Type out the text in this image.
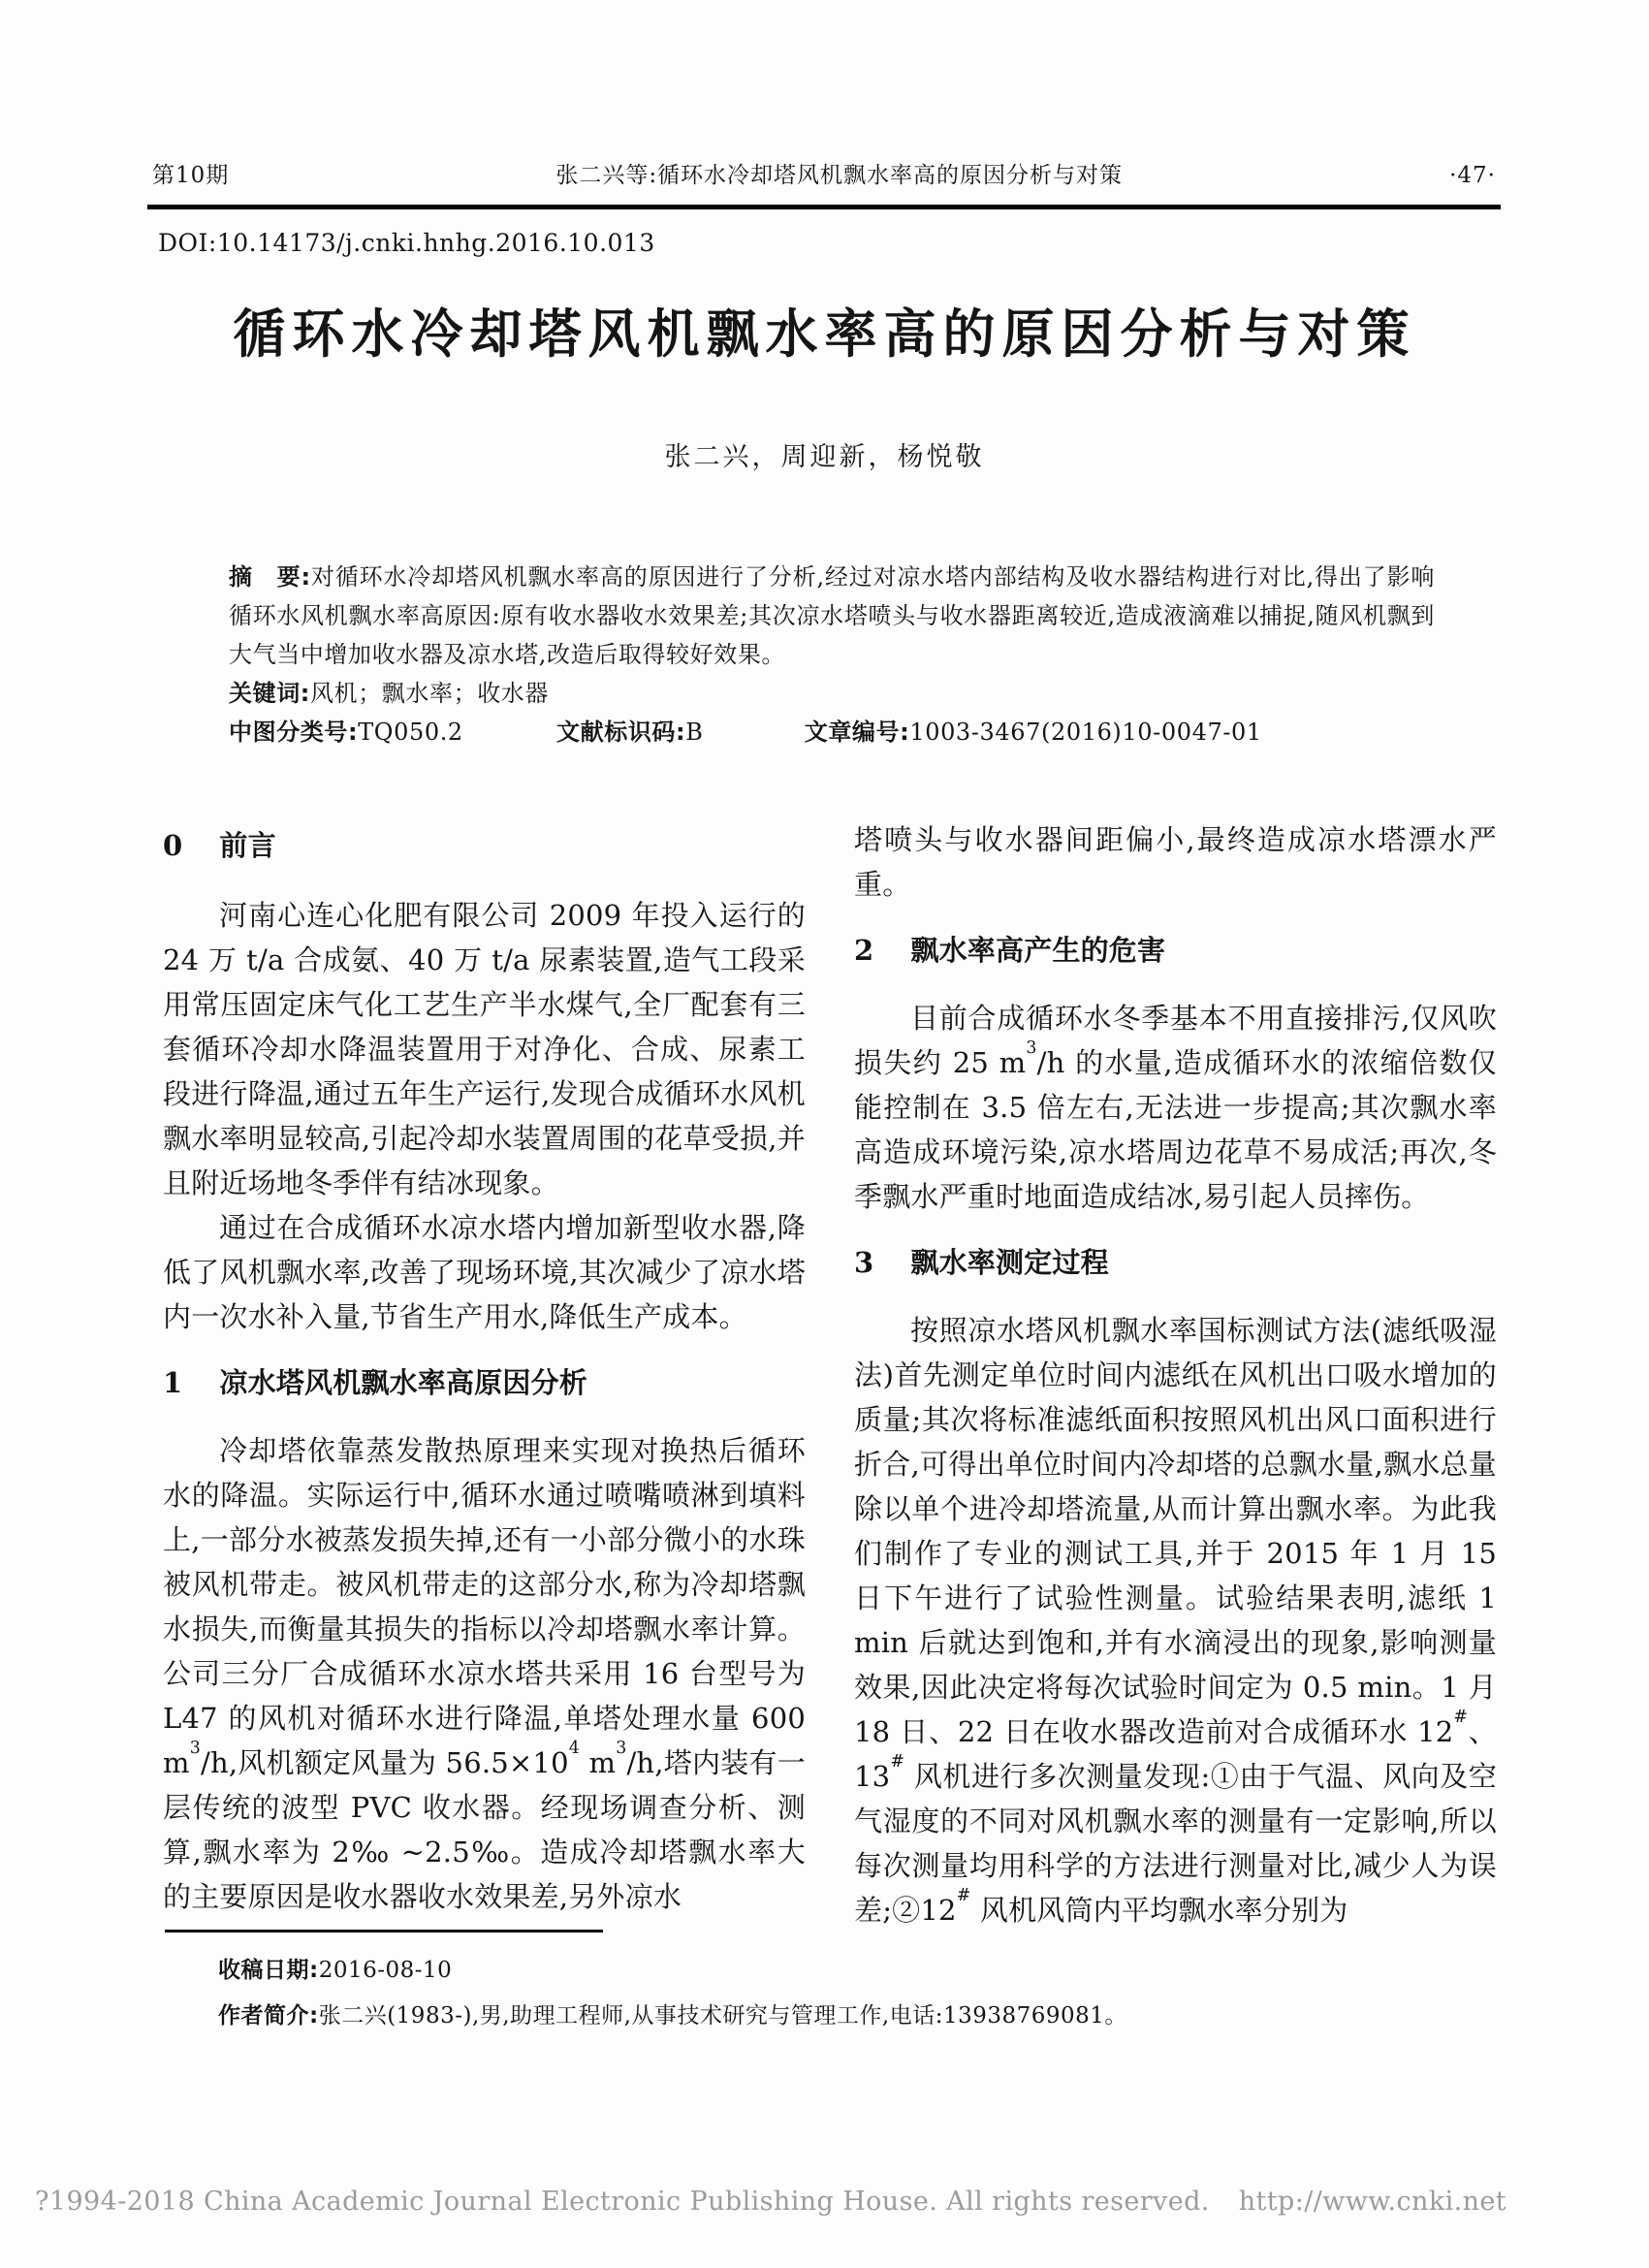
第10期	张二兴等:循环水冷却塔风机飘水率高的原因分析与对策	·47·
DOI:10.14173/j.cnki.hnhg.2016.10.013
循环水冷却塔风机飘水率高的原因分析与对策
张二兴，周迎新，杨悦敬

摘　要:对循环水冷却塔风机飘水率高的原因进行了分析,经过对凉水塔内部结构及收水器结构进行对比,得出了影响循环水风机飘水率高原因:原有收水器收水效果差;其次凉水塔喷头与收水器距离较近,造成液滴难以捕捉,随风机飘到大气当中增加收水器及凉水塔,改造后取得较好效果。

关键词:风机；飘水率；收水器

中图分类号:TQ050.2	文献标识码:B	文章编号:1003-3467(2016)10-0047-01

0 前言

河南心连心化肥有限公司 2009 年投入运行的 24 万 t/a 合成氨、40 万 t/a 尿素装置,造气工段采用常压固定床气化工艺生产半水煤气,全厂配套有三套循环冷却水降温装置用于对净化、合成、尿素工段进行降温,通过五年生产运行,发现合成循环水风机飘水率明显较高,引起冷却水装置周围的花草受损,并且附近场地冬季伴有结冰现象。

通过在合成循环水凉水塔内增加新型收水器,降低了风机飘水率,改善了现场环境,其次减少了凉水塔内一次水补入量,节省生产用水,降低生产成本。

1 凉水塔风机飘水率高原因分析

冷却塔依靠蒸发散热原理来实现对换热后循环水的降温。实际运行中,循环水通过喷嘴喷淋到填料上,一部分水被蒸发损失掉,还有一小部分微小的水珠被风机带走。被风机带走的这部分水,称为冷却塔飘水损失,而衡量其损失的指标以冷却塔飘水率计算。公司三分厂合成循环水凉水塔共采用 16 台型号为 L47 的风机对循环水进行降温,单塔处理水量 600 $m^3/h$,风机额定风量为 $56.5\times 10^4$ $m^3/h$,塔内装有一层传统的波型 PVC 收水器。经现场调查分析、测算,飘水率为 2‰ ~2.5‰。造成冷却塔飘水率大的主要原因是收水器收水效果差,另外凉水

塔喷头与收水器间距偏小,最终造成凉水塔漂水严重。

2 飘水率高产生的危害

目前合成循环水冬季基本不用直接排污,仅风吹损失约 25 $m^3/h$ 的水量,造成循环水的浓缩倍数仅能控制在 3.5 倍左右,无法进一步提高;其次飘水率高造成环境污染,凉水塔周边花草不易成活;再次,冬季飘水严重时地面造成结冰,易引起人员摔伤。

3 飘水率测定过程

按照凉水塔风机飘水率国标测试方法(滤纸吸湿法)首先测定单位时间内滤纸在风机出口吸水增加的质量;其次将标准滤纸面积按照风机出风口面积进行折合,可得出单位时间内冷却塔的总飘水量,飘水总量除以单个进冷却塔流量,从而计算出飘水率。为此我们制作了专业的测试工具,并于 2015 年 1 月 15 日下午进行了试验性测量。试验结果表明,滤纸 1 min 后就达到饱和,并有水滴浸出的现象,影响测量效果,因此决定将每次试验时间定为 0.5 min。1 月 18 日、22 日在收水器改造前对合成循环水 12#、13# 风机进行多次测量发现:①由于气温、风向及空气湿度的不同对风机飘水率的测量有一定影响,所以每次测量均用科学的方法进行测量对比,减少人为误差;②12# 风机风筒内平均飘水率分别为

收稿日期:2016-08-10

作者简介:张二兴(1983-),男,助理工程师,从事技术研究与管理工作,电话:13938769081。

?1994-2018 China Academic Journal Electronic Publishing House. All rights reserved. http://www.cnki.net
